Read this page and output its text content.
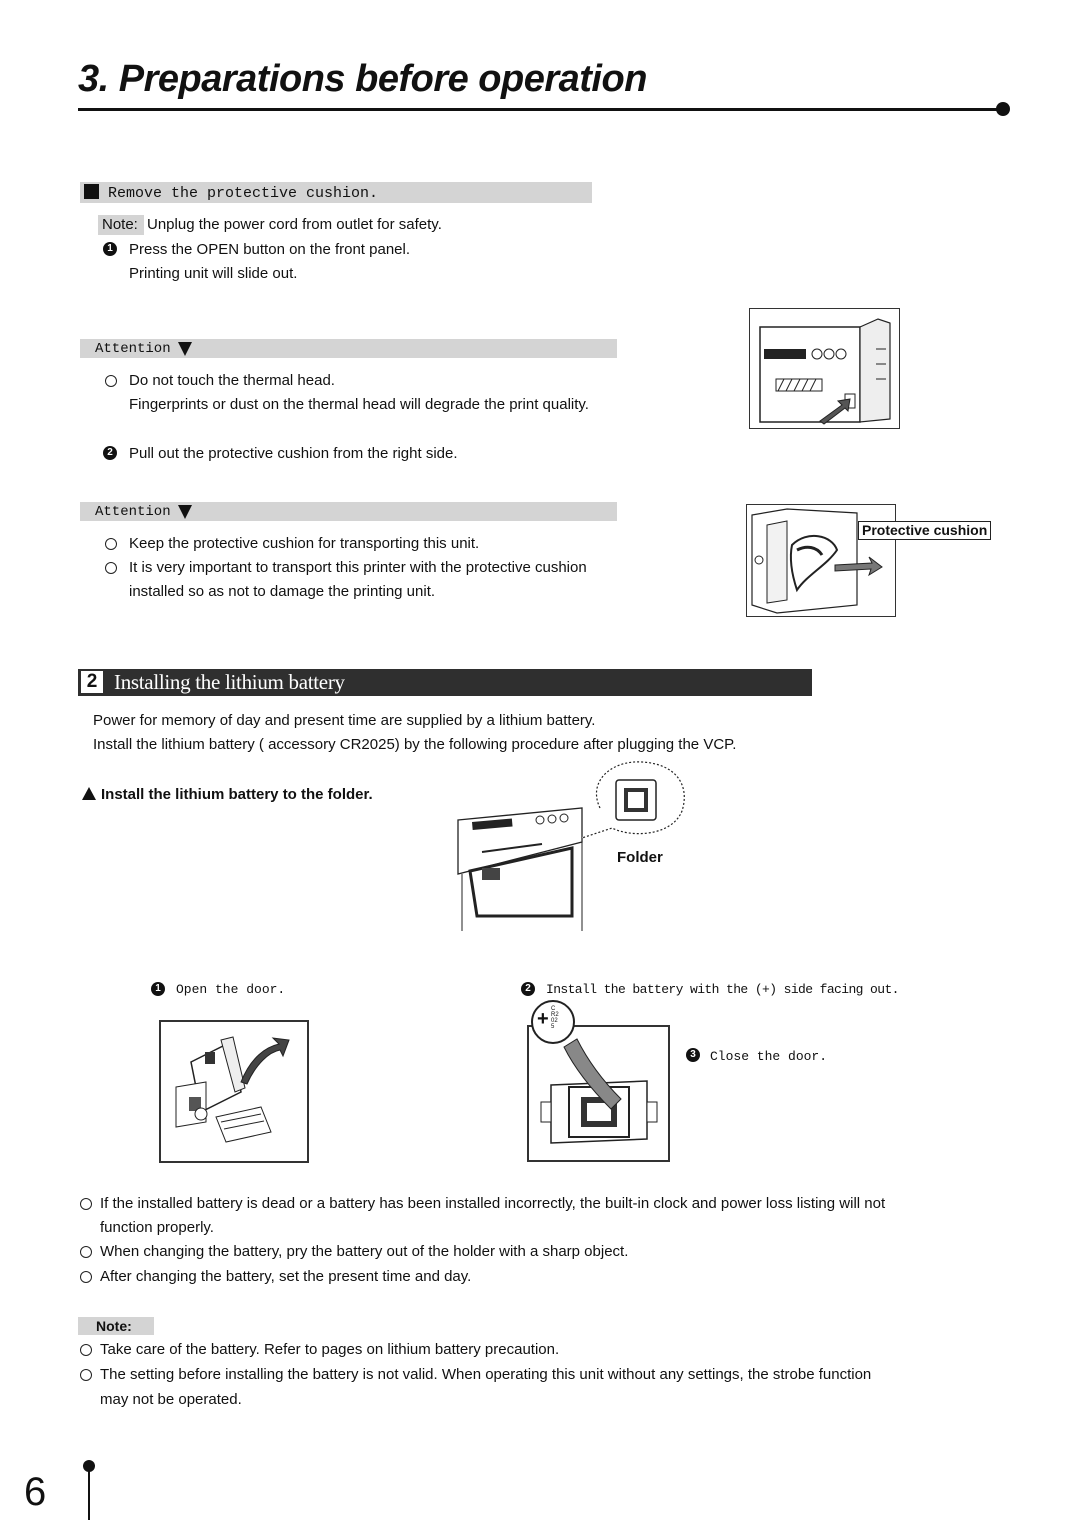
3. Preparations before operation
Remove the protective cushion.
Note: Unplug the power cord from outlet for safety.
1 Press the OPEN button on the front panel.
Printing unit will slide out.
Attention
Do not touch the thermal head.
Fingerprints or dust on the thermal head will degrade the print quality.
2 Pull out the protective cushion from the right side.
Attention
Keep the protective cushion for transporting this unit.
It is very important to transport this printer with the protective cushion
installed so as not to damage the printing unit.
Protective cushion
2 Installing the lithium battery
Power for memory of day and present time are supplied by a lithium battery.
Install the lithium battery ( accessory CR2025) by the following procedure after plugging the VCP.
Install the lithium battery to the folder.
Folder
1	Open the door.	2	Install the battery with the (+) side facing out.
+ CR2025
3	Close the door.
If the installed battery is dead or a battery has been installed incorrectly, the built-in clock and power loss listing will not
function properly.
When changing the battery, pry the battery out of the holder with a sharp object.
After changing the battery, set the present time and day.
Note:
Take care of the battery. Refer to pages on lithium battery precaution.
The setting before installing the battery is not valid. When operating this unit without any settings, the strobe function
may not be operated.
6
